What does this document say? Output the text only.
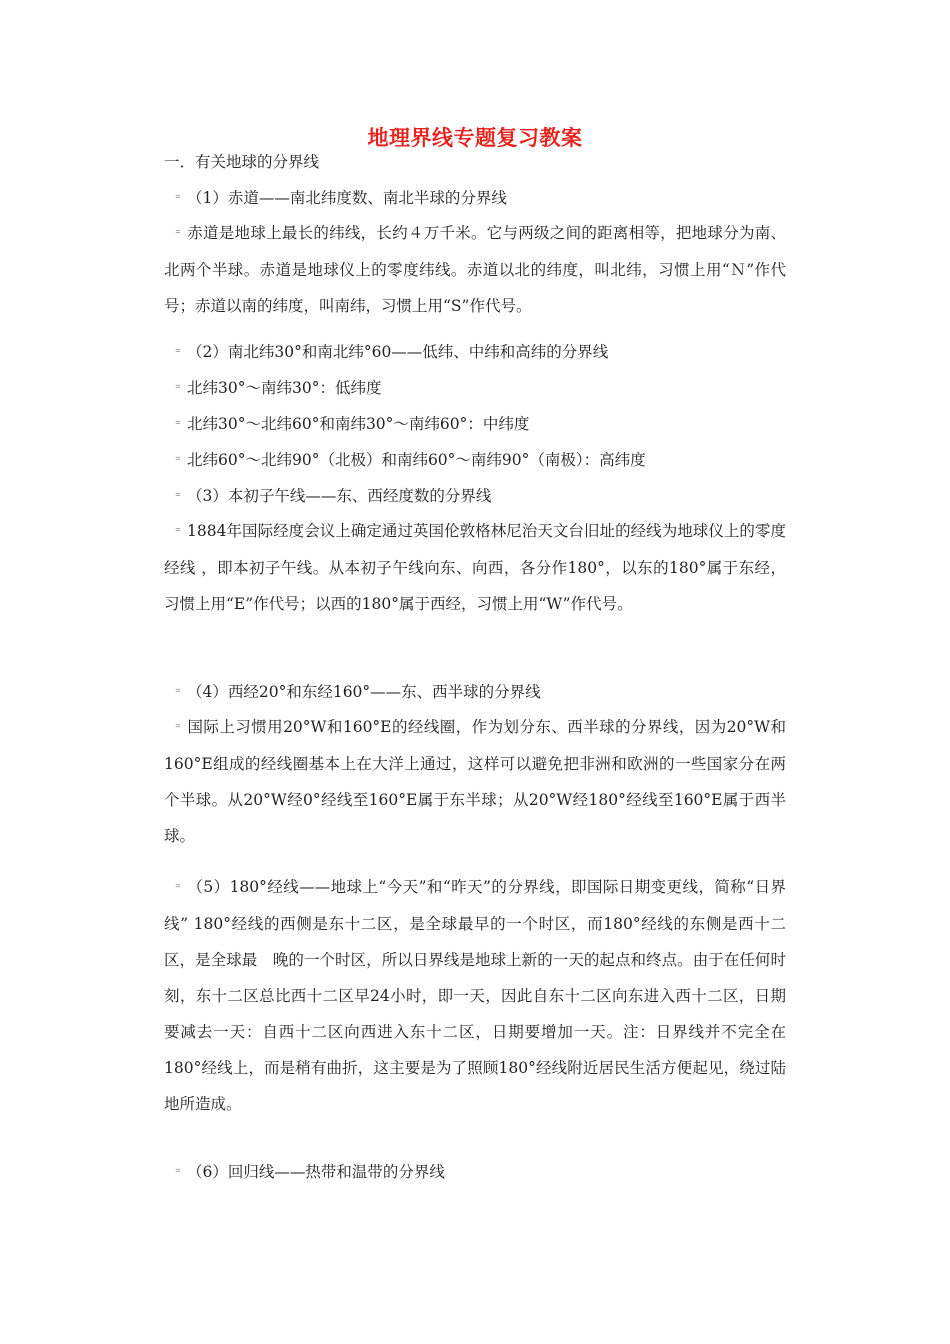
地理界线专题复习教案
一．有关地球的分界线
⁼ （1）赤道——南北纬度数、南北半球的分界线
⁼ 赤道是地球上最长的纬线，长约４万千米。它与两级之间的距离相等，把地球分为南、北两个半球。赤道是地球仪上的零度纬线。赤道以北的纬度，叫北纬，习惯上用“Ｎ”作代号；赤道以南的纬度，叫南纬，习惯上用“S”作代号。
⁼ （2）南北纬30°和南北纬°60——低纬、中纬和高纬的分界线
⁼ 北纬30°～南纬30°：低纬度
⁼ 北纬30°～北纬60°和南纬30°～南纬60°：中纬度
⁼ 北纬60°～北纬90°（北极）和南纬60°～南纬90°（南极）：高纬度
⁼ （3）本初子午线——东、西经度数的分界线
⁼ 1884年国际经度会议上确定通过英国伦敦格林尼治天文台旧址的经线为地球仪上的零度经线 ，即本初子午线。从本初子午线向东、向西，各分作180°，以东的180°属于东经，习惯上用“E”作代号；以西的180°属于西经，习惯上用“W”作代号。
⁼ （4）西经20°和东经160°——东、西半球的分界线
⁼ 国际上习惯用20°W和160°E的经线圈，作为划分东、西半球的分界线，因为20°W和160°E组成的经线圈基本上在大洋上通过，这样可以避免把非洲和欧洲的一些国家分在两个半球。从20°W经0°经线至160°E属于东半球；从20°W经180°经线至160°E属于西半球。
⁼ （5）180°经线——地球上“今天”和“昨天”的分界线，即国际日期变更线，简称“日界线” 180°经线的西侧是东十二区，是全球最早的一个时区，而180°经线的东侧是西十二区，是全球最　晚的一个时区，所以日界线是地球上新的一天的起点和终点。由于在任何时刻，东十二区总比西十二区早24小时，即一天，因此自东十二区向东进入西十二区，日期要减去一天：自西十二区向西进入东十二区，日期要增加一天。注：日界线并不完全在180°经线上，而是稍有曲折，这主要是为了照顾180°经线附近居民生活方便起见，绕过陆地所造成。
⁼ （6）回归线——热带和温带的分界线
